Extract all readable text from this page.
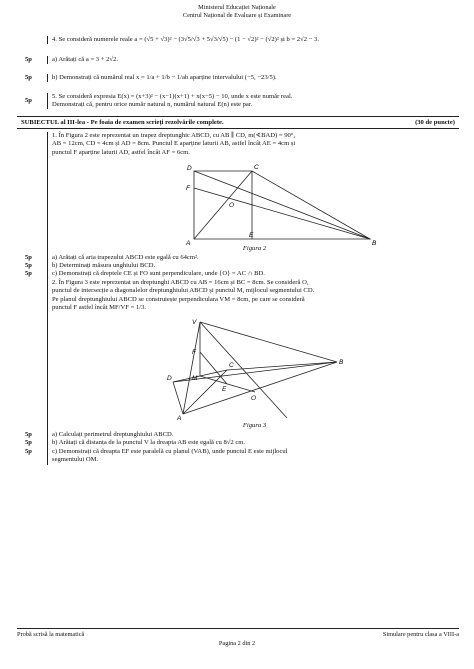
Ministerul Educației Naționale
Centrul Național de Evaluare și Examinare
4. Se consideră numerele reale a = (√5 + √3)² − (3√5/√3 + 5√3/√5) − (1 − √2)² − (√2)² și b = 2√2 − 3.
5p	a) Arătați că a = 3 + 2√2.
5p	b) Demonstrați că numărul real x = 1/a + 1/b − 1/ab aparține intervalului (−5, −23/5).
5p
5. Se consideră expresia E(x) = (x+3)² − (x−1)(x+1) + x(x−5) − 10, unde x este număr real.
Demonstrați că, pentru orice număr natural n, numărul natural E(n) este par.
SUBIECTUL al III-lea - Pe foaia de examen scrieți rezolvările complete.	(30 de puncte)
1. În Figura 2 este reprezentat un trapez dreptunghic ABCD, cu AB ∥ CD, m(∢BAD) = 90°,
AB = 12cm, CD = 4cm și AD = 8cm. Punctul E aparține laturii AB, astfel încât AE = 4cm și
punctul F aparține laturii AD, astfel încât AF = 6cm.
D	C
F
O
A
E
B
Figura 2
5p	a) Arătați că aria trapezului ABCD este egală cu 64cm².
5p	b) Determinați măsura unghiului BCD.
5p	c) Demonstrați că dreptele CE și FO sunt perpendiculare, unde {O} = AC ∩ BD.
2. În Figura 3 este reprezentat un dreptunghi ABCD cu AB = 16cm și BC = 8cm. Se consideră O,
punctul de intersecție a diagonalelor dreptunghiului ABCD și punctul M, mijlocul segmentului CD.
Pe planul dreptunghiului ABCD se construiește perpendiculara VM = 8cm, pe care se consideră
punctul F astfel încât MF/VF = 1/3.
V
C	B
F
D	M
E
O
A
Figura 3
5p	a) Calculați perimetrul dreptunghiului ABCD.
5p	b) Arătați că distanța de la punctul V la dreapta AB este egală cu 8√2 cm.
5p	c) Demonstrați că dreapta EF este paralelă cu planul (VAB), unde punctul E este mijlocul
segmentului OM.
Probă scrisă la matematică	Simulare pentru clasa a VIII-a
Pagina 2 din 2
